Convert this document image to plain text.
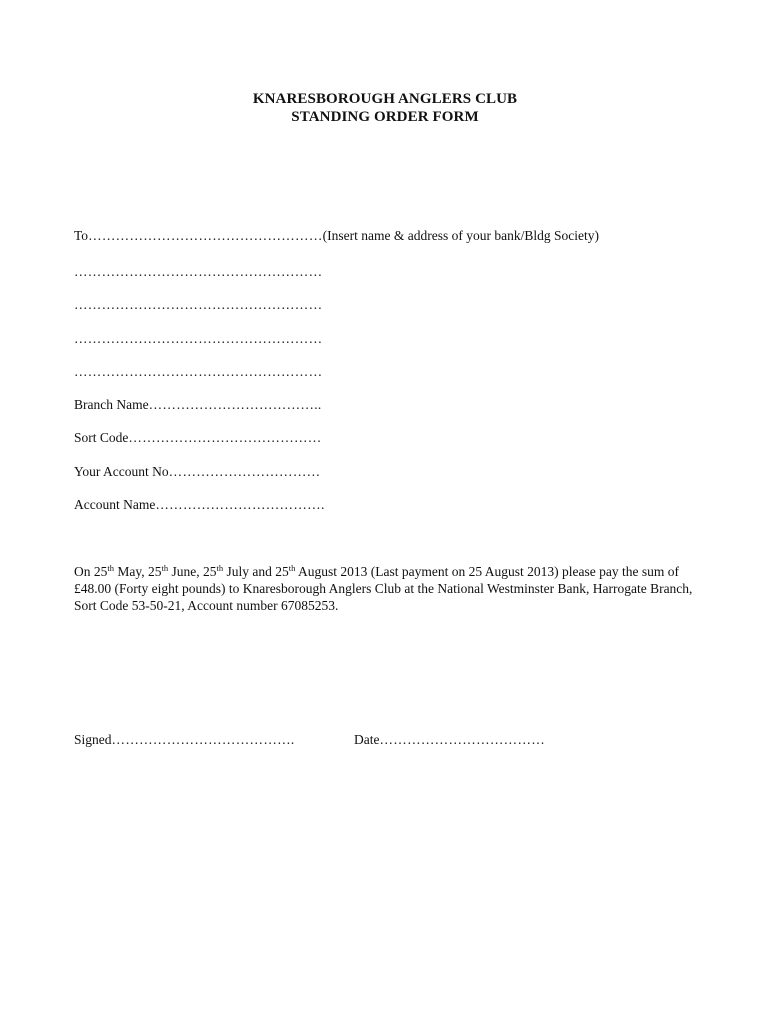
KNARESBOROUGH ANGLERS CLUB
STANDING ORDER FORM
To……………………………………………(Insert name & address of your bank/Bldg Society)
………………………………………………
………………………………………………
………………………………………………
………………………………………………
Branch Name………………………………..
Sort Code……………………………………
Your Account No……………………………
Account Name……………………………….
On 25th May, 25th June, 25th July and 25th August 2013 (Last payment on 25 August 2013) please pay the sum of £48.00 (Forty eight pounds) to Knaresborough Anglers Club at the National Westminster Bank, Harrogate Branch, Sort Code 53-50-21, Account number 67085253.
Signed………………………………….	Date………………………………
